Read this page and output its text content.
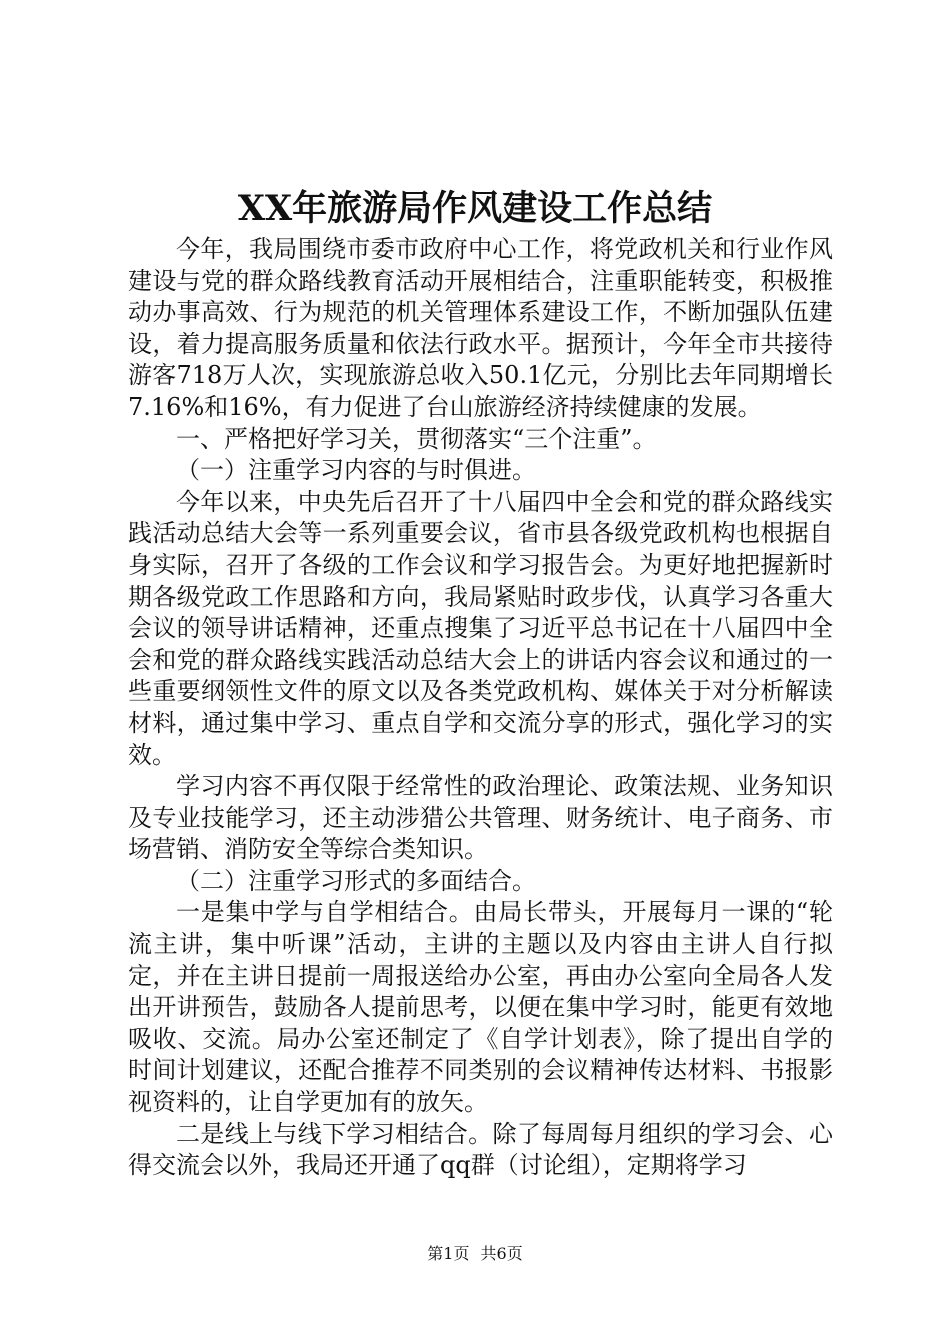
XX年旅游局作风建设工作总结

今年，我局围绕市委市政府中心工作，将党政机关和行业作风建设与党的群众路线教育活动开展相结合，注重职能转变，积极推动办事高效、行为规范的机关管理体系建设工作，不断加强队伍建设，着力提高服务质量和依法行政水平。据预计，今年全市共接待游客718万人次，实现旅游总收入50.1亿元，分别比去年同期增长7.16%和16%，有力促进了台山旅游经济持续健康的发展。

一、严格把好学习关，贯彻落实“三个注重”。

（一）注重学习内容的与时俱进。

今年以来，中央先后召开了十八届四中全会和党的群众路线实践活动总结大会等一系列重要会议，省市县各级党政机构也根据自身实际，召开了各级的工作会议和学习报告会。为更好地把握新时期各级党政工作思路和方向，我局紧贴时政步伐，认真学习各重大会议的领导讲话精神，还重点搜集了习近平总书记在十八届四中全会和党的群众路线实践活动总结大会上的讲话内容会议和通过的一些重要纲领性文件的原文以及各类党政机构、媒体关于对分析解读材料，通过集中学习、重点自学和交流分享的形式，强化学习的实效。

学习内容不再仅限于经常性的政治理论、政策法规、业务知识及专业技能学习，还主动涉猎公共管理、财务统计、电子商务、市场营销、消防安全等综合类知识。

（二）注重学习形式的多面结合。

一是集中学与自学相结合。由局长带头，开展每月一课的“轮流主讲，集中听课”活动，主讲的主题以及内容由主讲人自行拟定，并在主讲日提前一周报送给办公室，再由办公室向全局各人发出开讲预告，鼓励各人提前思考，以便在集中学习时，能更有效地吸收、交流。局办公室还制定了《自学计划表》，除了提出自学的时间计划建议，还配合推荐不同类别的会议精神传达材料、书报影视资料的，让自学更加有的放矢。

二是线上与线下学习相结合。除了每周每月组织的学习会、心得交流会以外，我局还开通了qq群（讨论组），定期将学习

第1页 共6页
